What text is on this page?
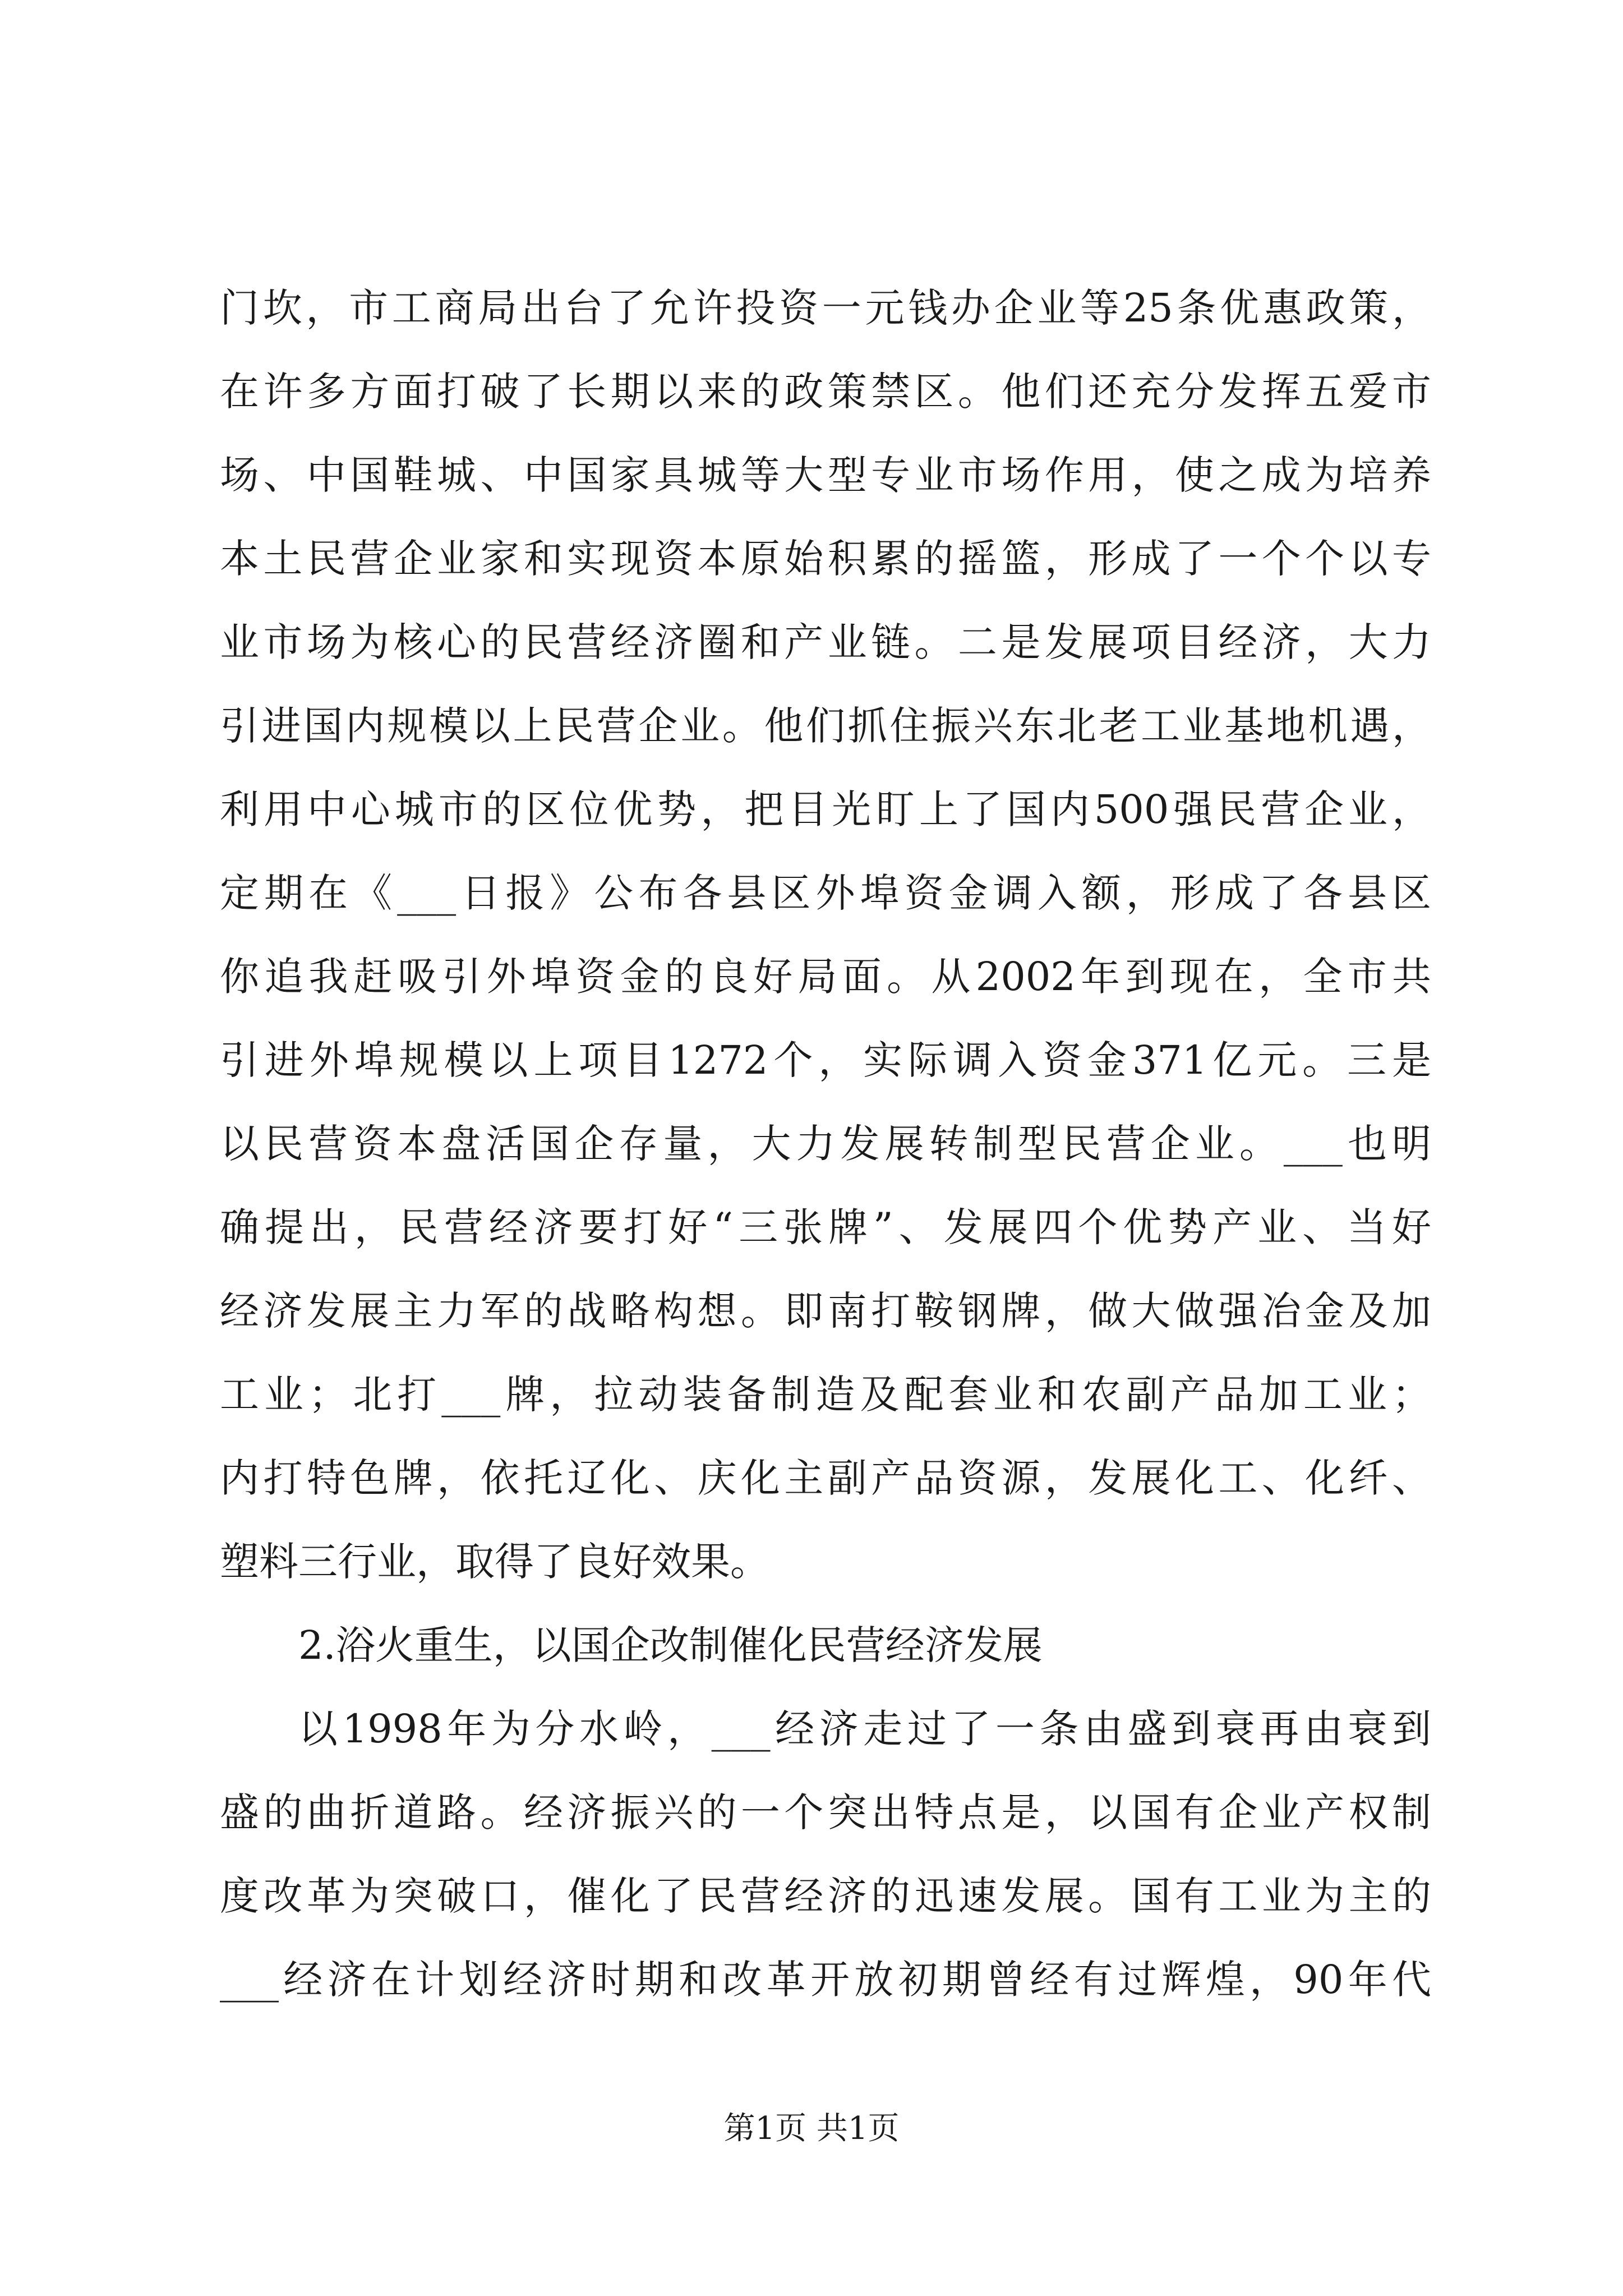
门坎，市工商局出台了允许投资一元钱办企业等25条优惠政策，
在许多方面打破了长期以来的政策禁区。他们还充分发挥五爱市
场、中国鞋城、中国家具城等大型专业市场作用，使之成为培养
本土民营企业家和实现资本原始积累的摇篮，形成了一个个以专
业市场为核心的民营经济圈和产业链。二是发展项目经济，大力
引进国内规模以上民营企业。他们抓住振兴东北老工业基地机遇，
利用中心城市的区位优势，把目光盯上了国内500强民营企业，
定期在《___日报》公布各县区外埠资金调入额，形成了各县区
你追我赶吸引外埠资金的良好局面。从2002年到现在，全市共
引进外埠规模以上项目1272个，实际调入资金371亿元。三是
以民营资本盘活国企存量，大力发展转制型民营企业。___也明
确提出，民营经济要打好“三张牌”、发展四个优势产业、当好
经济发展主力军的战略构想。即南打鞍钢牌，做大做强冶金及加
工业；北打___牌，拉动装备制造及配套业和农副产品加工业；
内打特色牌，依托辽化、庆化主副产品资源，发展化工、化纤、
塑料三行业，取得了良好效果。
2.浴火重生，以国企改制催化民营经济发展
以1998年为分水岭，___经济走过了一条由盛到衰再由衰到
盛的曲折道路。经济振兴的一个突出特点是，以国有企业产权制
度改革为突破口，催化了民营经济的迅速发展。国有工业为主的
___经济在计划经济时期和改革开放初期曾经有过辉煌，90年代
第1页 共1页
